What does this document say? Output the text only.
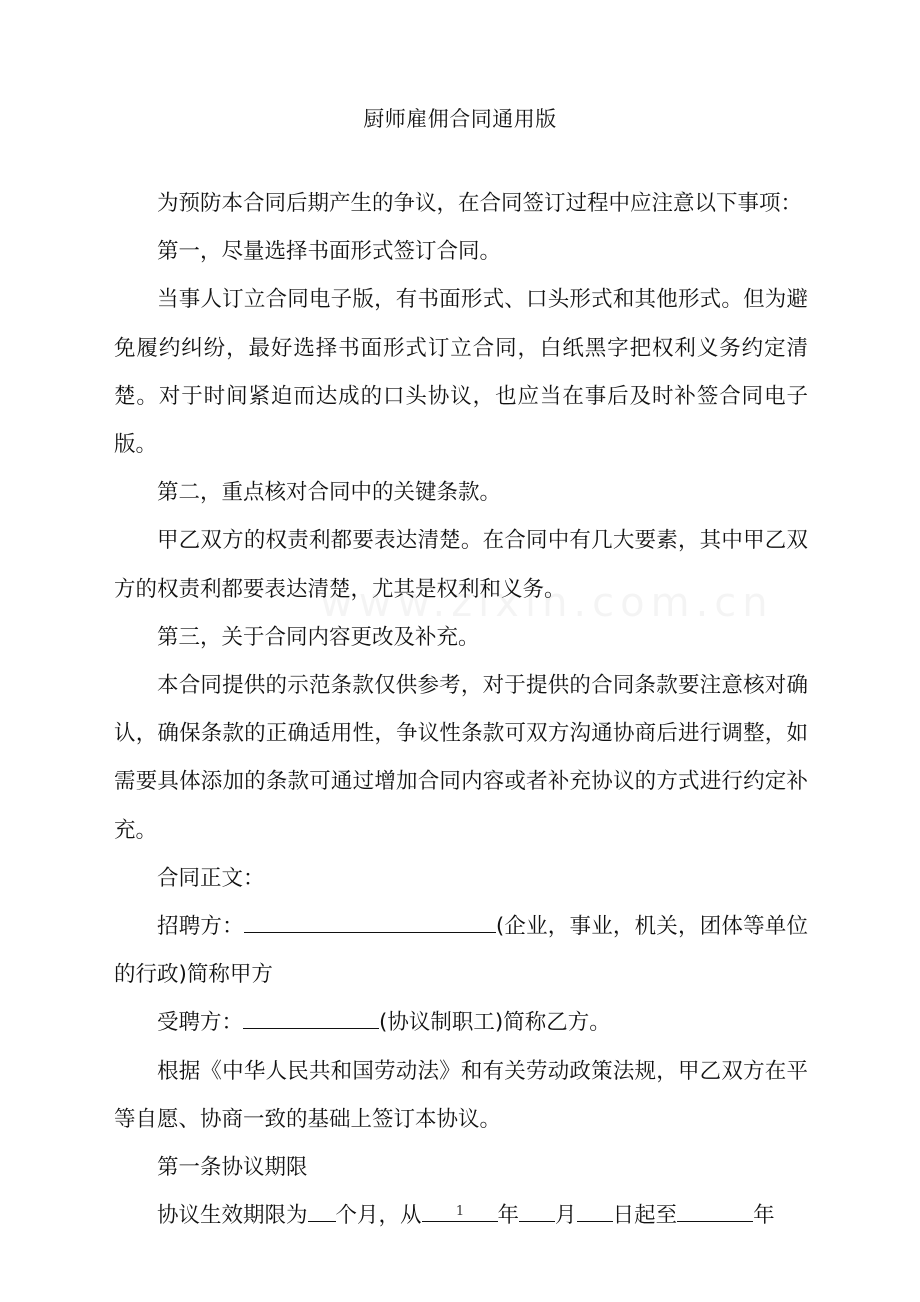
厨师雇佣合同通用版

为预防本合同后期产生的争议，在合同签订过程中应注意以下事项：

第一，尽量选择书面形式签订合同。

当事人订立合同电子版，有书面形式、口头形式和其他形式。但为避免履约纠纷，最好选择书面形式订立合同，白纸黑字把权利义务约定清楚。对于时间紧迫而达成的口头协议，也应当在事后及时补签合同电子版。

第二，重点核对合同中的关键条款。

甲乙双方的权责利都要表达清楚。在合同中有几大要素，其中甲乙双方的权责利都要表达清楚，尤其是权利和义务。

第三，关于合同内容更改及补充。

本合同提供的示范条款仅供参考，对于提供的合同条款要注意核对确认，确保条款的正确适用性，争议性条款可双方沟通协商后进行调整，如需要具体添加的条款可通过增加合同内容或者补充协议的方式进行约定补充。

合同正文：

招聘方：	(企业，事业，机关，团体等单位的行政)简称甲方

受聘方：	(协议制职工)简称乙方。

根据《中华人民共和国劳动法》和有关劳动政策法规，甲乙双方在平等自愿、协商一致的基础上签订本协议。

第一条协议期限

协议生效期限为 个月，从	年 月 日起至	年

1
